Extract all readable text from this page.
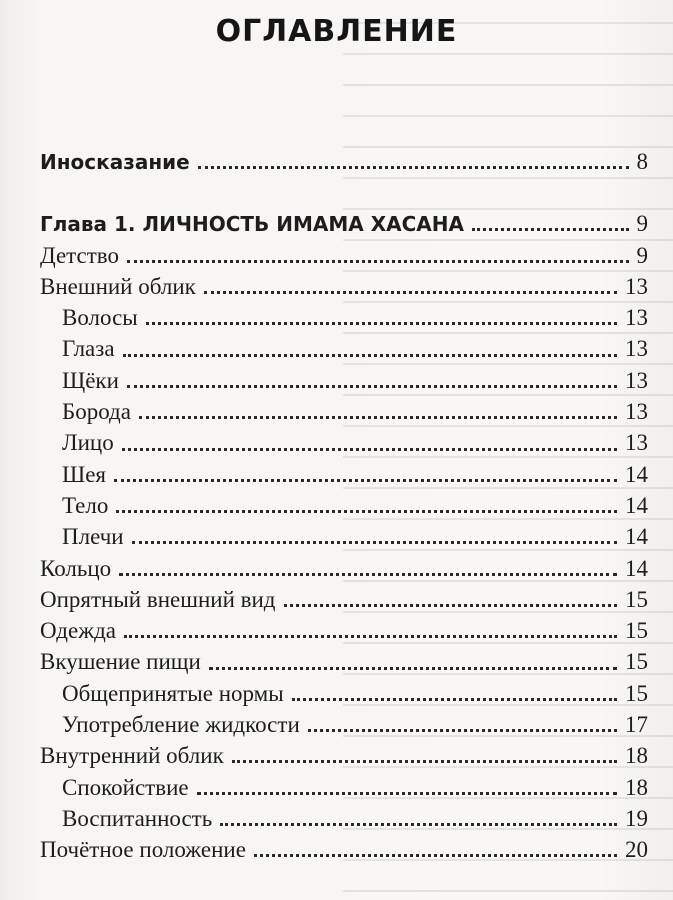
ОГЛАВЛЕНИЕ
Иносказание	8
Глава 1. ЛИЧНОСТЬ ИМАМА ХАСАНА	9
Детство	9
Внешний облик	13
Волосы	13
Глаза	13
Щёки	13
Борода	13
Лицо	13
Шея	14
Тело	14
Плечи	14
Кольцо	14
Опрятный внешний вид	15
Одежда	15
Вкушение пищи	15
Общепринятые нормы	15
Употребление жидкости	17
Внутренний облик	18
Спокойствие	18
Воспитанность	19
Почётное положение	20
